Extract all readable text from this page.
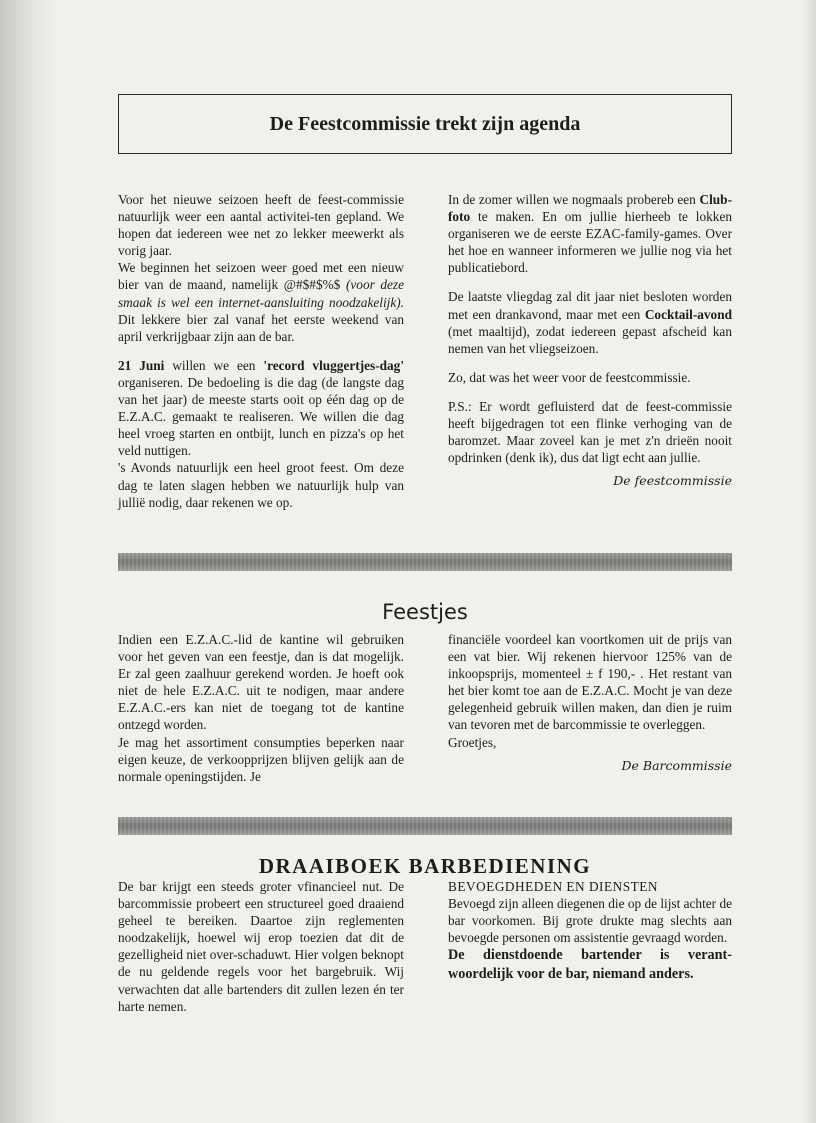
De Feestcommissie trekt zijn agenda

Voor het nieuwe seizoen heeft de feest-commissie natuurlijk weer een aantal activitei-ten gepland. We hopen dat iedereen wee net zo lekker meewerkt als vorig jaar.

We beginnen het seizoen weer goed met een nieuw bier van de maand, namelijk @#$#$%$ (voor deze smaak is wel een internet-aansluiting noodzakelijk). Dit lekkere bier zal vanaf het eerste weekend van april verkrijgbaar zijn aan de bar.

21 Juni willen we een 'record vluggertjes-dag' organiseren. De bedoeling is die dag (de langste dag van het jaar) de meeste starts ooit op één dag op de E.Z.A.C. gemaakt te realiseren. We willen die dag heel vroeg starten en ontbijt, lunch en pizza's op het veld nuttigen.

's Avonds natuurlijk een heel groot feest. Om deze dag te laten slagen hebben we natuurlijk hulp van jullië nodig, daar rekenen we op.

In de zomer willen we nogmaals probereb een Club-foto te maken. En om jullie hierheeb te lokken organiseren we de eerste EZAC-family-games. Over het hoe en wanneer informeren we jullie nog via het publicatiebord.

De laatste vliegdag zal dit jaar niet besloten worden met een drankavond, maar met een Cocktail-avond (met maaltijd), zodat iedereen gepast afscheid kan nemen van het vliegseizoen.

Zo, dat was het weer voor de feestcommissie.

P.S.: Er wordt gefluisterd dat de feest-commissie heeft bijgedragen tot een flinke verhoging van de baromzet. Maar zoveel kan je met z'n drieën nooit opdrinken (denk ik), dus dat ligt echt aan jullie.

De feestcommissie
Feestjes

Indien een E.Z.A.C.-lid de kantine wil gebruiken voor het geven van een feestje, dan is dat mogelijk. Er zal geen zaalhuur gerekend worden. Je hoeft ook niet de hele E.Z.A.C. uit te nodigen, maar andere E.Z.A.C.-ers kan niet de toegang tot de kantine ontzegd worden.

Je mag het assortiment consumpties beperken naar eigen keuze, de verkoopprijzen blijven gelijk aan de normale openingstijden. Je

financiële voordeel kan voortkomen uit de prijs van een vat bier. Wij rekenen hiervoor 125% van de inkoopsprijs, momenteel ± f 190,- . Het restant van het bier komt toe aan de E.Z.A.C. Mocht je van deze gelegenheid gebruik willen maken, dan dien je ruim van tevoren met de barcommissie te overleggen.

Groetjes,

De Barcommissie
DRAAIBOEK BARBEDIENING

De bar krijgt een steeds groter vfinancieel nut. De barcommissie probeert een structureel goed draaiend geheel te bereiken. Daartoe zijn reglementen noodzakelijk, hoewel wij erop toezien dat dit de gezelligheid niet over-schaduwt. Hier volgen beknopt de nu geldende regels voor het bargebruik. Wij verwachten dat alle bartenders dit zullen lezen én ter harte nemen.

BEVOEGDHEDEN EN DIENSTEN

Bevoegd zijn alleen diegenen die op de lijst achter de bar voorkomen. Bij grote drukte mag slechts aan bevoegde personen om assistentie gevraagd worden.

De dienstdoende bartender is verant-woordelijk voor de bar, niemand anders.
